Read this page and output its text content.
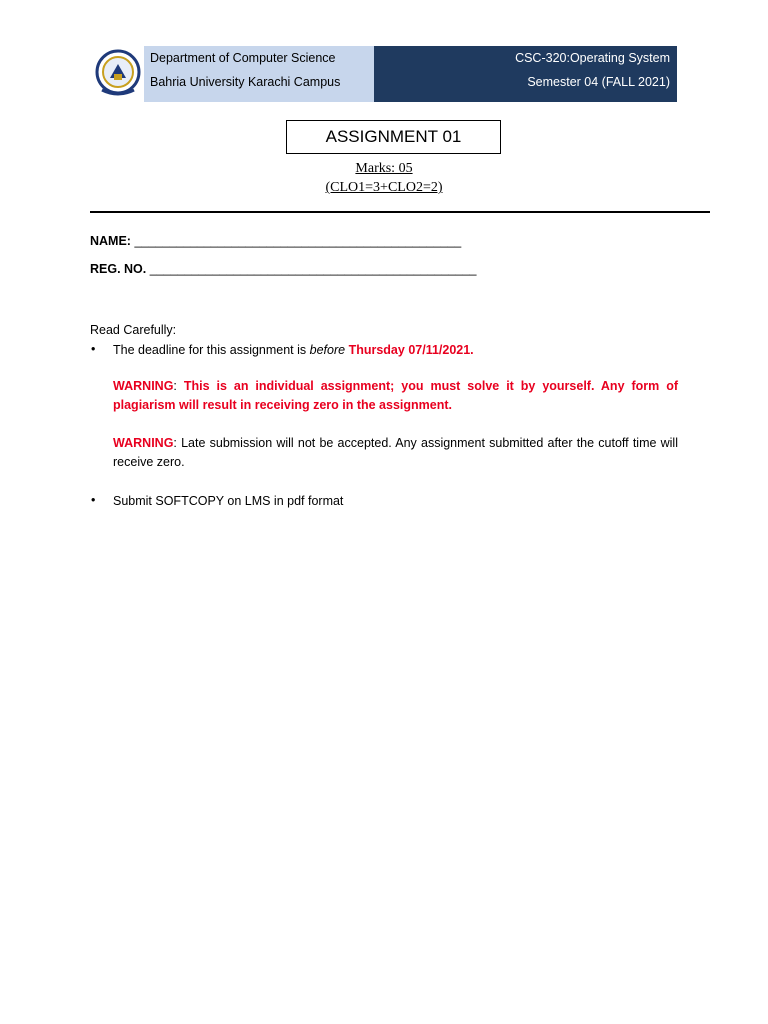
Department of Computer Science
Bahria University Karachi Campus
CSC-320:Operating System
Semester 04 (FALL 2021)
ASSIGNMENT 01
Marks: 05
(CLO1=3+CLO2=2)
NAME: _______________________________________________
REG. NO. _______________________________________________
Read Carefully:
• The deadline for this assignment is before Thursday 07/11/2021.
WARNING: This is an individual assignment; you must solve it by yourself. Any form of plagiarism will result in receiving zero in the assignment.
WARNING: Late submission will not be accepted. Any assignment submitted after the cutoff time will receive zero.
• Submit SOFTCOPY on LMS in pdf format
